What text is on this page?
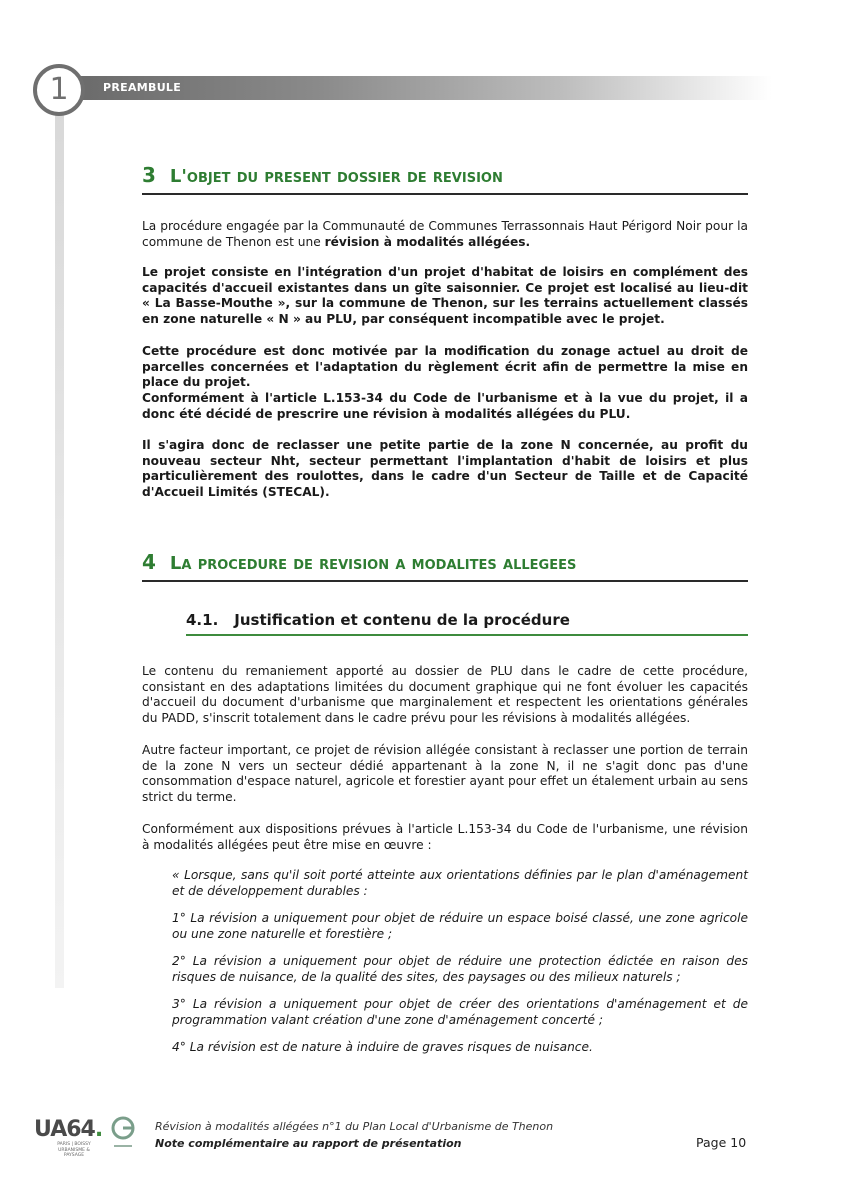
PREAMBULE
1
3 L'objet du present dossier de revision
La procédure engagée par la Communauté de Communes Terrassonnais Haut Périgord Noir pour la commune de Thenon est une révision à modalités allégées.
Le projet consiste en l'intégration d'un projet d'habitat de loisirs en complément des capacités d'accueil existantes dans un gîte saisonnier. Ce projet est localisé au lieu-dit « La Basse-Mouthe », sur la commune de Thenon, sur les terrains actuellement classés en zone naturelle « N » au PLU, par conséquent incompatible avec le projet.
Cette procédure est donc motivée par la modification du zonage actuel au droit de parcelles concernées et l'adaptation du règlement écrit afin de permettre la mise en place du projet.
Conformément à l'article L.153-34 du Code de l'urbanisme et à la vue du projet, il a donc été décidé de prescrire une révision à modalités allégées du PLU.
Il s'agira donc de reclasser une petite partie de la zone N concernée, au profit du nouveau secteur Nht, secteur permettant l'implantation d'habit de loisirs et plus particulièrement des roulottes, dans le cadre d'un Secteur de Taille et de Capacité d'Accueil Limités (STECAL).
4 La procedure de revision a modalites allegees
4.1. Justification et contenu de la procédure
Le contenu du remaniement apporté au dossier de PLU dans le cadre de cette procédure, consistant en des adaptations limitées du document graphique qui ne font évoluer les capacités d'accueil du document d'urbanisme que marginalement et respectent les orientations générales du PADD, s'inscrit totalement dans le cadre prévu pour les révisions à modalités allégées.
Autre facteur important, ce projet de révision allégée consistant à reclasser une portion de terrain de la zone N vers un secteur dédié appartenant à la zone N, il ne s'agit donc pas d'une consommation d'espace naturel, agricole et forestier ayant pour effet un étalement urbain au sens strict du terme.
Conformément aux dispositions prévues à l'article L.153-34 du Code de l'urbanisme, une révision à modalités allégées peut être mise en œuvre :
« Lorsque, sans qu'il soit porté atteinte aux orientations définies par le plan d'aménagement et de développement durables :
1° La révision a uniquement pour objet de réduire un espace boisé classé, une zone agricole ou une zone naturelle et forestière ;
2° La révision a uniquement pour objet de réduire une protection édictée en raison des risques de nuisance, de la qualité des sites, des paysages ou des milieux naturels ;
3° La révision a uniquement pour objet de créer des orientations d'aménagement et de programmation valant création d'une zone d'aménagement concerté ;
4° La révision est de nature à induire de graves risques de nuisance.
UA64.
PARIS | BOISSY URBANISME & PAYSAGE
Révision à modalités allégées n°1 du Plan Local d'Urbanisme de Thenon
Note complémentaire au rapport de présentation	Page 10
